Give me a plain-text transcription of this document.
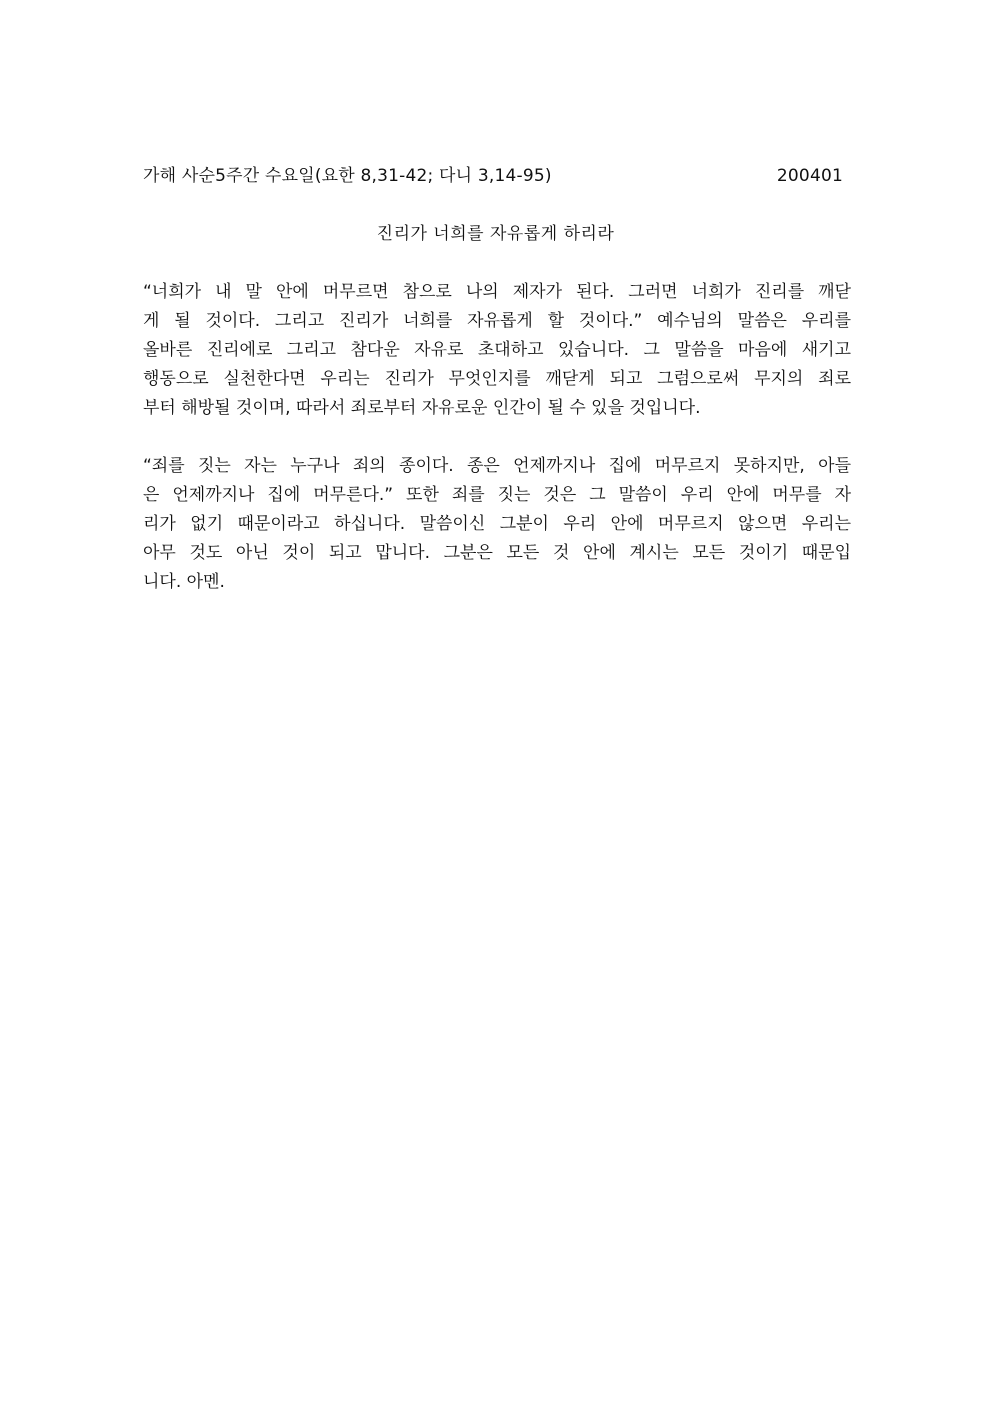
가해 사순5주간 수요일(요한 8,31-42; 다니 3,14-95)	200401
진리가 너희를 자유롭게 하리라

“너희가 내 말 안에 머무르면 참으로 나의 제자가 된다. 그러면 너희가 진리를 깨닫
게 될 것이다. 그리고 진리가 너희를 자유롭게 할 것이다.” 예수님의 말씀은 우리를
올바른 진리에로 그리고 참다운 자유로 초대하고 있습니다. 그 말씀을 마음에 새기고
행동으로 실천한다면 우리는 진리가 무엇인지를 깨닫게 되고 그럼으로써 무지의 죄로
부터 해방될 것이며, 따라서 죄로부터 자유로운 인간이 될 수 있을 것입니다.

“죄를 짓는 자는 누구나 죄의 종이다. 종은 언제까지나 집에 머무르지 못하지만, 아들
은 언제까지나 집에 머무른다.” 또한 죄를 짓는 것은 그 말씀이 우리 안에 머무를 자
리가 없기 때문이라고 하십니다. 말씀이신 그분이 우리 안에 머무르지 않으면 우리는
아무 것도 아닌 것이 되고 맙니다. 그분은 모든 것 안에 계시는 모든 것이기 때문입
니다. 아멘.
